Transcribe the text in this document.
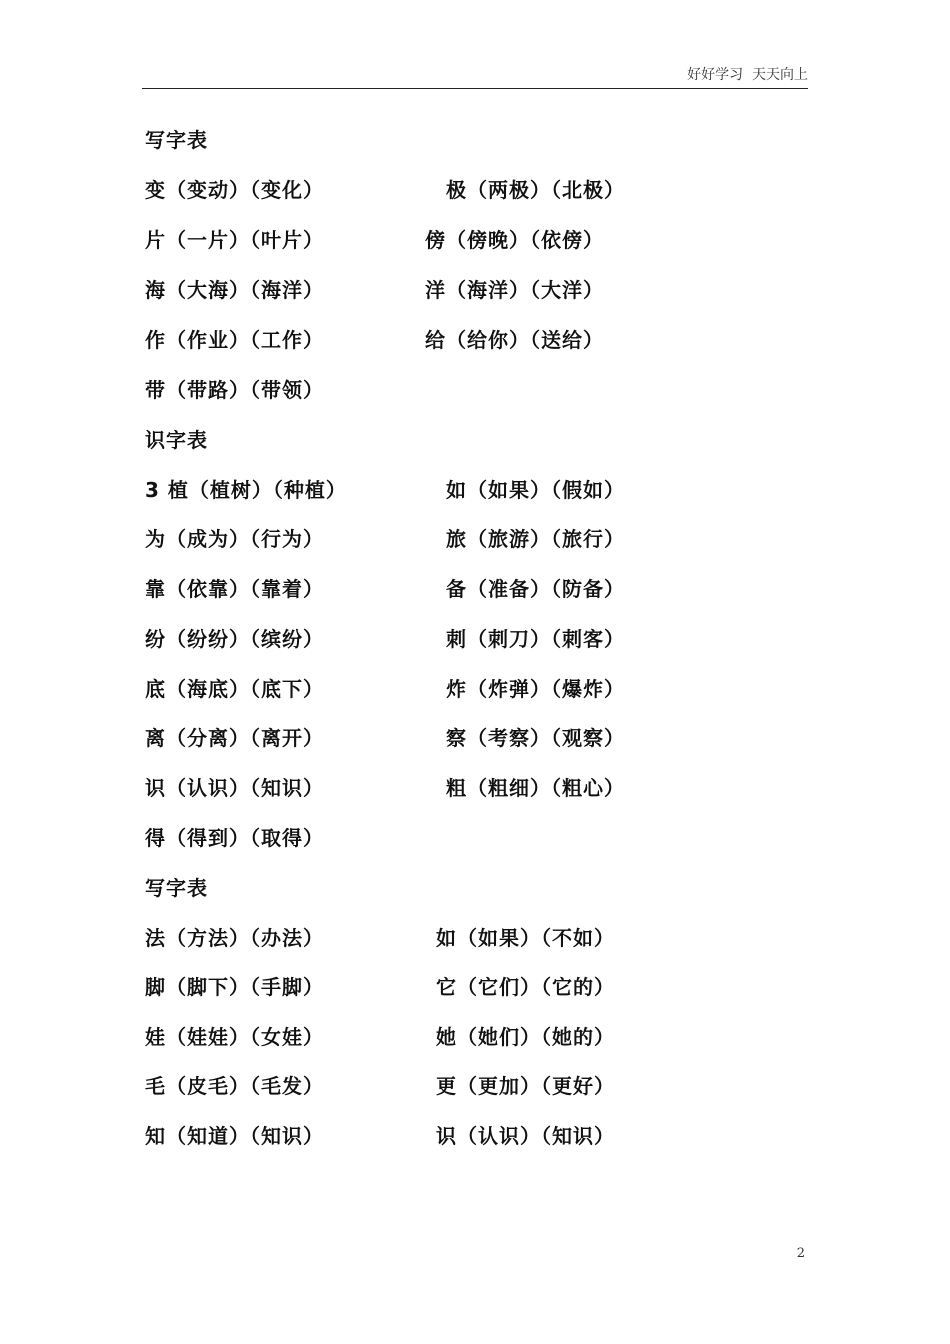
好好学习  天天向上
写字表
变（变动）（变化）	极（两极）（北极）
片（一片）（叶片）	傍（傍晚）（依傍）
海（大海）（海洋）	洋（海洋）（大洋）
作（作业）（工作）	给（给你）（送给）
带（带路）（带领）
识字表
3 植（植树）（种植）	如（如果）（假如）
为（成为）（行为）	旅（旅游）（旅行）
靠（依靠）（靠着）	备（准备）（防备）
纷（纷纷）（缤纷）	刺（刺刀）（刺客）
底（海底）（底下）	炸（炸弹）（爆炸）
离（分离）（离开）	察（考察）（观察）
识（认识）（知识）	粗（粗细）（粗心）
得（得到）（取得）
写字表
法（方法）（办法）	如（如果）（不如）
脚（脚下）（手脚）	它（它们）（它的）
娃（娃娃）（女娃）	她（她们）（她的）
毛（皮毛）（毛发）	更（更加）（更好）
知（知道）（知识）	识（认识）（知识）
2
